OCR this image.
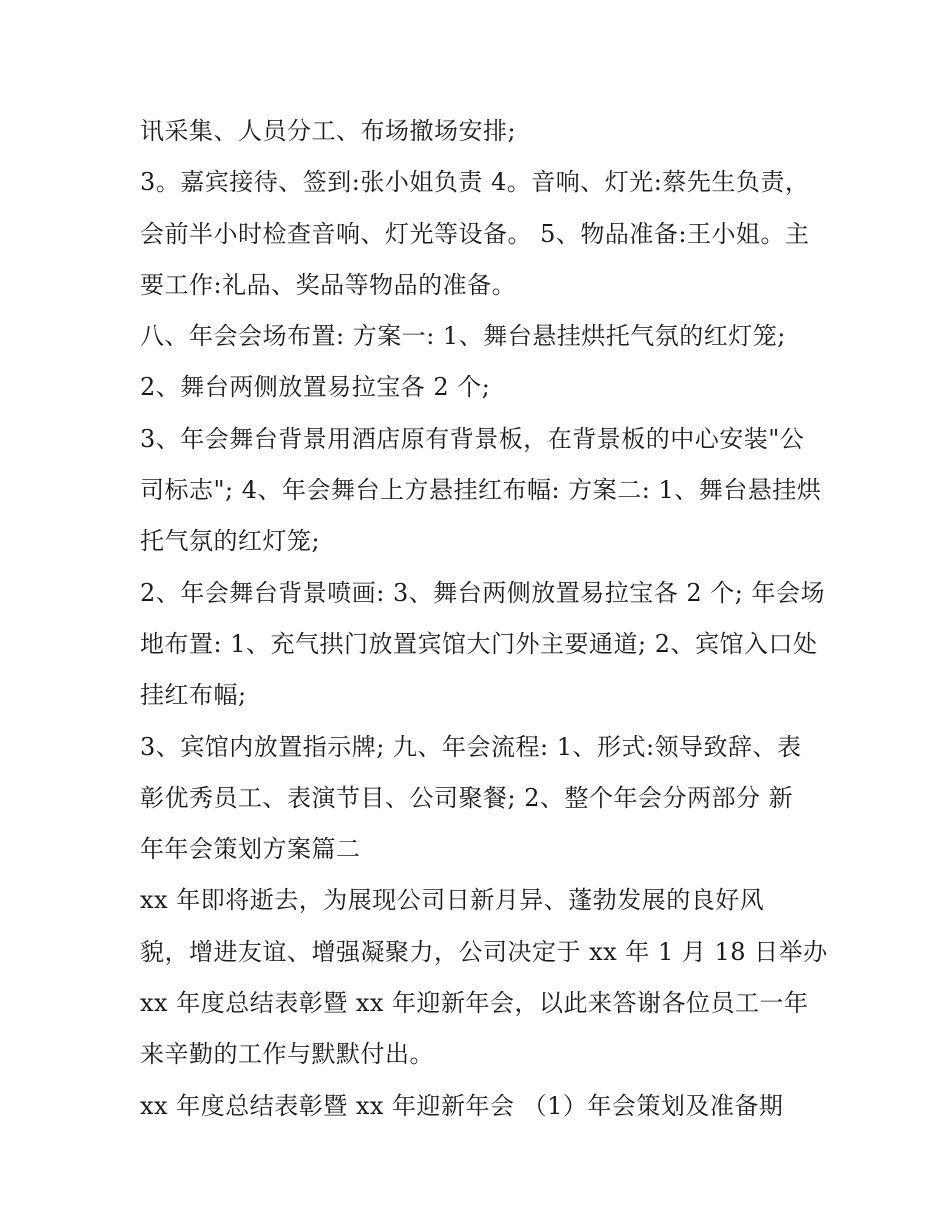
讯采集、人员分工、布场撤场安排;
3。嘉宾接待、签到:张小姐负责 4。音响、灯光:蔡先生负责，
会前半小时检查音响、灯光等设备。 5、物品准备:王小姐。主
要工作:礼品、奖品等物品的准备。
八、年会会场布置: 方案一: 1、舞台悬挂烘托气氛的红灯笼;
2、舞台两侧放置易拉宝各 2 个;
3、年会舞台背景用酒店原有背景板，在背景板的中心安装"公
司标志"; 4、年会舞台上方悬挂红布幅: 方案二: 1、舞台悬挂烘
托气氛的红灯笼;
2、年会舞台背景喷画: 3、舞台两侧放置易拉宝各 2 个; 年会场
地布置: 1、充气拱门放置宾馆大门外主要通道; 2、宾馆入口处
挂红布幅;
3、宾馆内放置指示牌; 九、年会流程: 1、形式:领导致辞、表
彰优秀员工、表演节目、公司聚餐; 2、整个年会分两部分 新
年年会策划方案篇二
xx 年即将逝去，为展现公司日新月异、蓬勃发展的良好风
貌，增进友谊、增强凝聚力，公司决定于 xx 年 1 月 18 日举办
xx 年度总结表彰暨 xx 年迎新年会，以此来答谢各位员工一年
来辛勤的工作与默默付出。
xx 年度总结表彰暨 xx 年迎新年会 （1）年会策划及准备期
